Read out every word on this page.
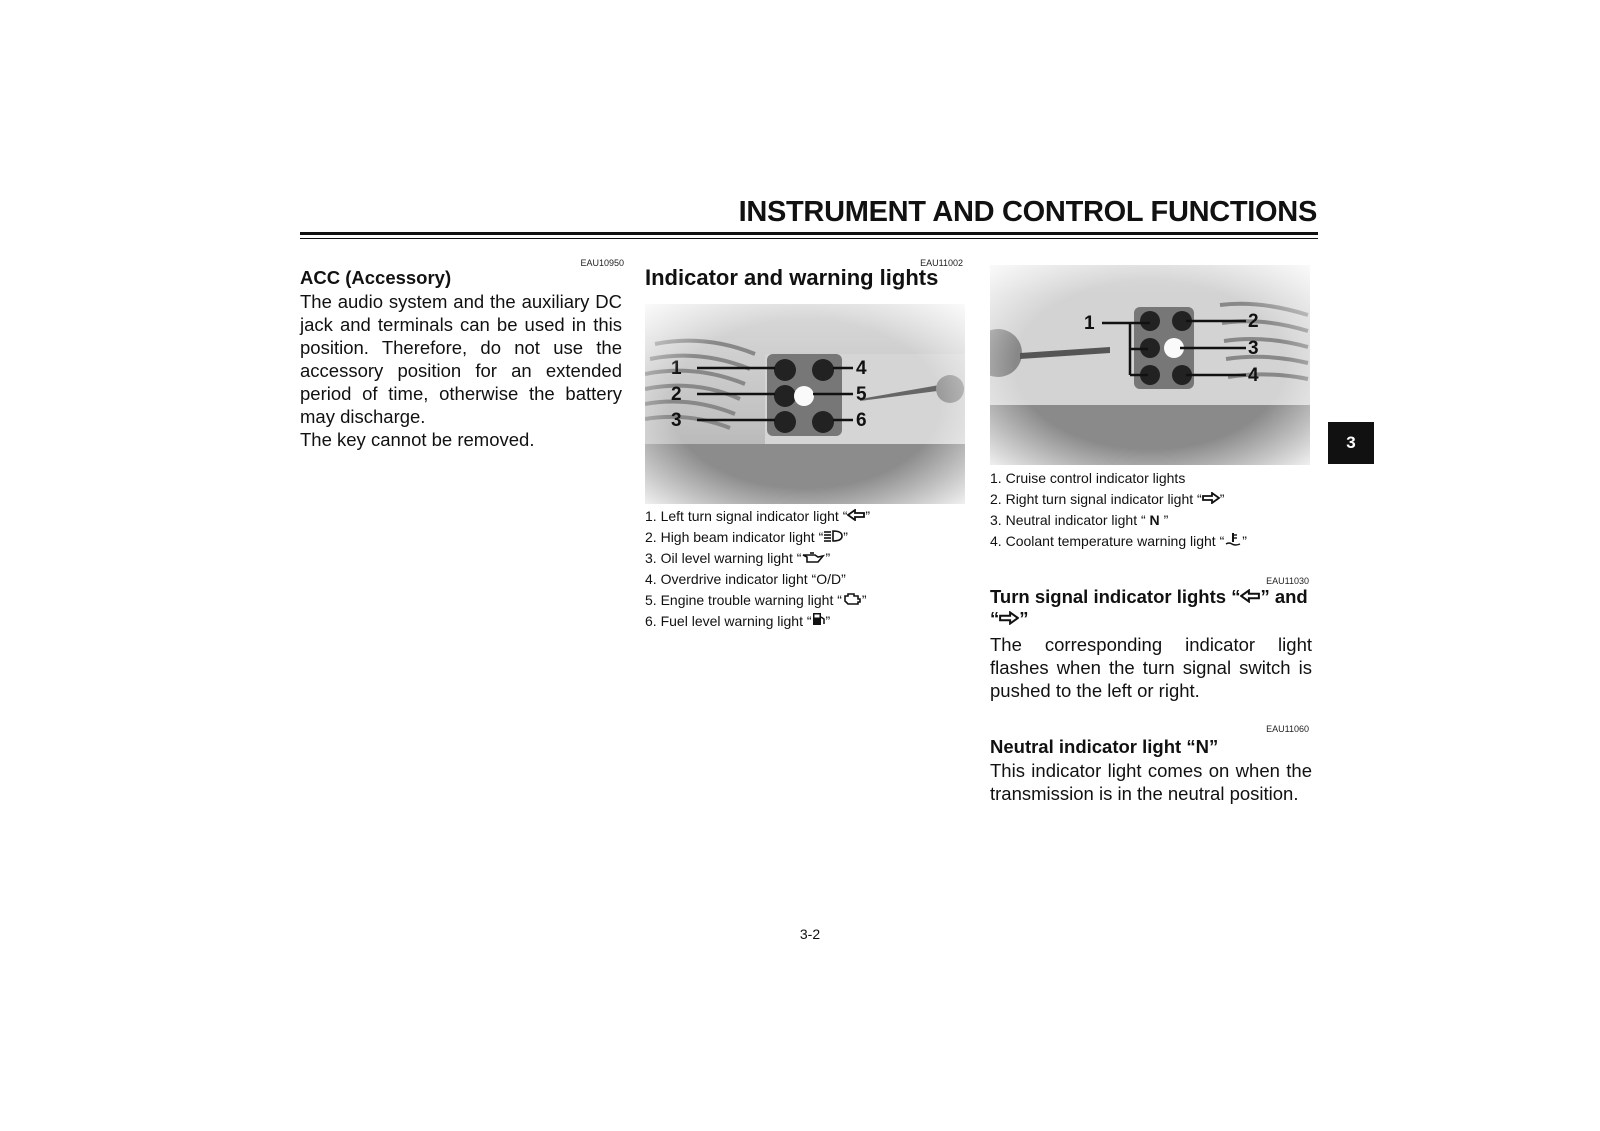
INSTRUMENT AND CONTROL FUNCTIONS
EAU10950
ACC (Accessory)
The audio system and the auxiliary DC jack and terminals can be used in this position. Therefore, do not use the accessory position for an extended period of time, otherwise the battery may discharge.
The key cannot be removed.
EAU11002
Indicator and warning lights
1. Left turn signal indicator light “ ”
2. High beam indicator light “ ”
3. Oil level warning light “ ”
4. Overdrive indicator light “O/D”
5. Engine trouble warning light “ ”
6. Fuel level warning light “ ”
1. Cruise control indicator lights
2. Right turn signal indicator light “ ”
3. Neutral indicator light “ N ”
4. Coolant temperature warning light “ ”
EAU11030
Turn signal indicator lights “ ” and
“ ”
The corresponding indicator light flashes when the turn signal switch is pushed to the left or right.
EAU11060
Neutral indicator light “N”
This indicator light comes on when the transmission is in the neutral position.
3
3-2
